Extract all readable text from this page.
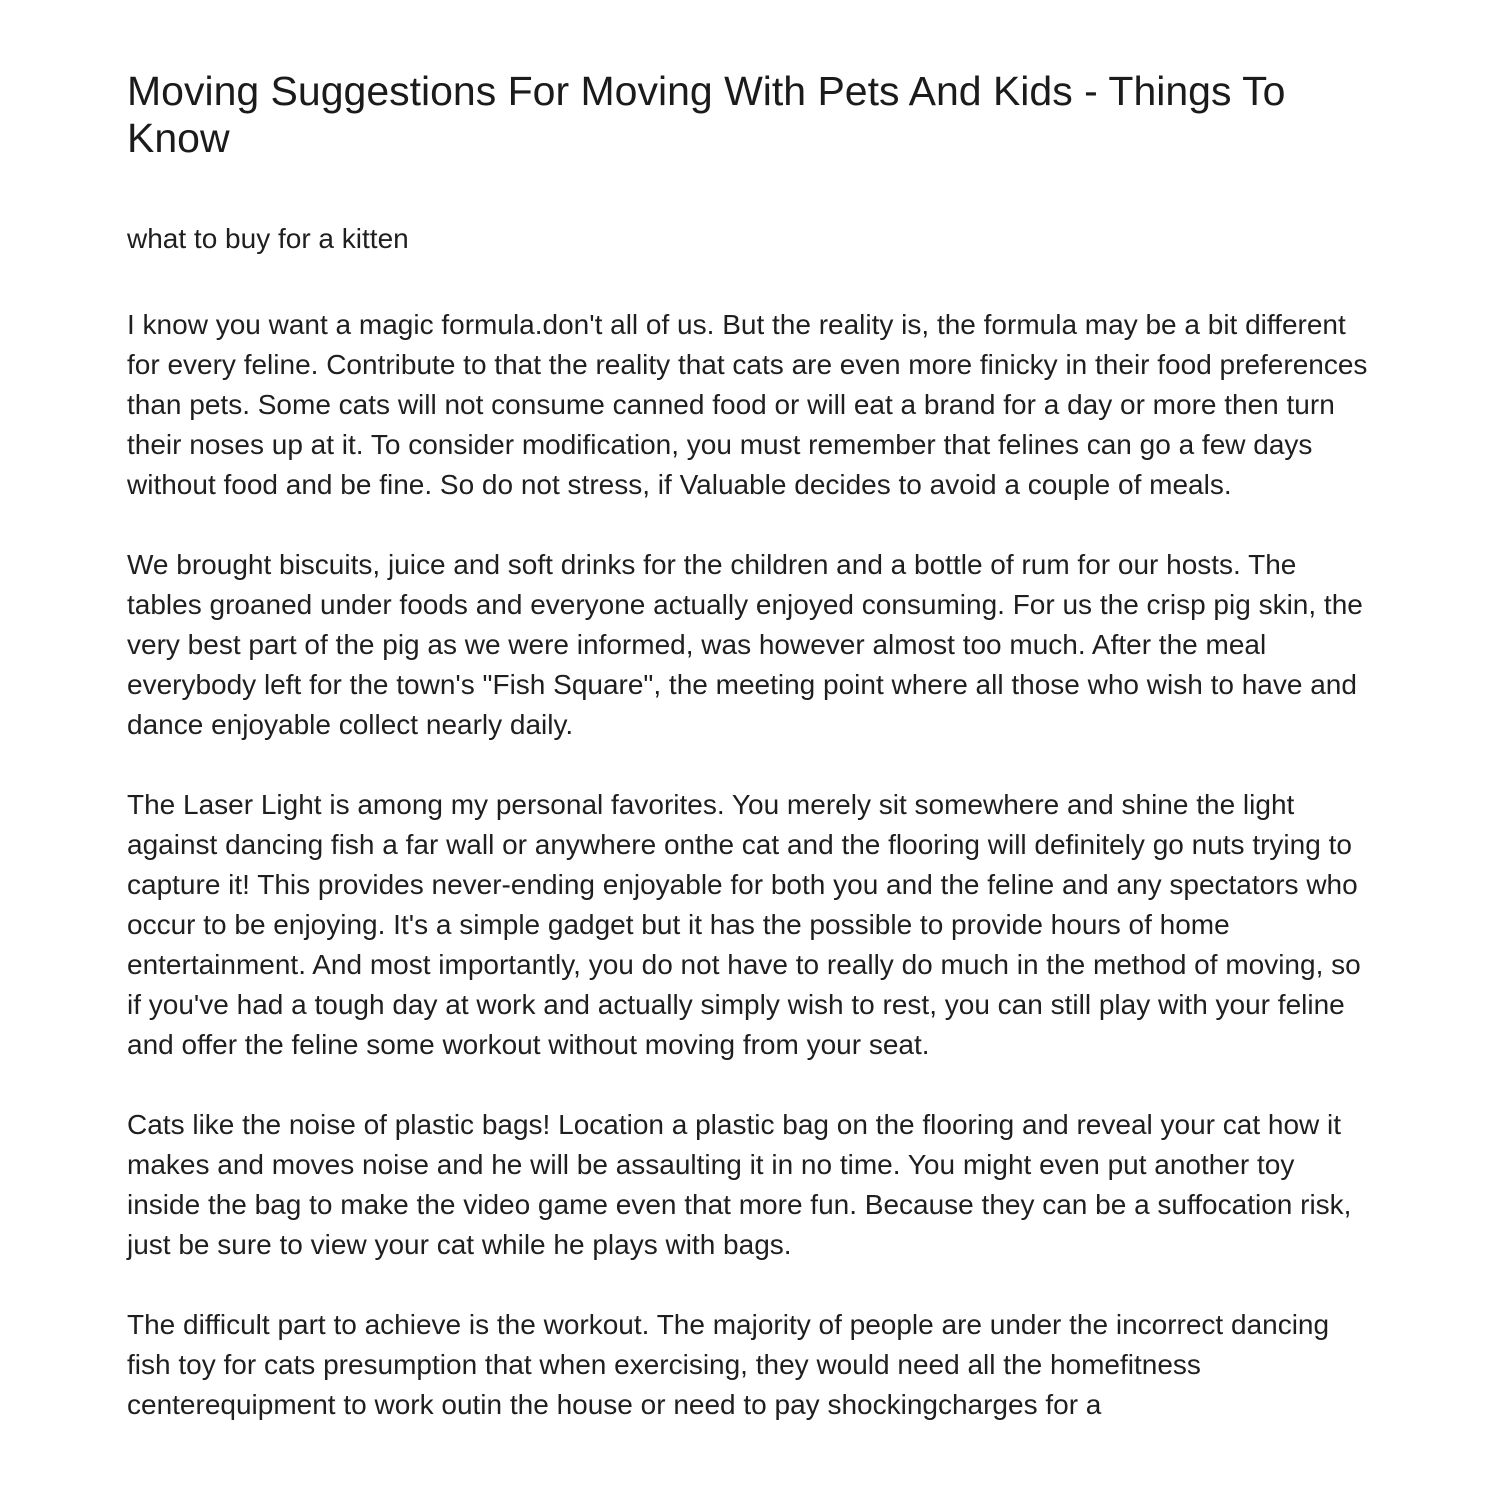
Moving Suggestions For Moving With Pets And Kids - Things To Know

what to buy for a kitten

I know you want a magic formula.don't all of us. But the reality is, the formula may be a bit different for every feline. Contribute to that the reality that cats are even more finicky in their food preferences than pets. Some cats will not consume canned food or will eat a brand for a day or more then turn their noses up at it. To consider modification, you must remember that felines can go a few days without food and be fine. So do not stress, if Valuable decides to avoid a couple of meals.

We brought biscuits, juice and soft drinks for the children and a bottle of rum for our hosts. The tables groaned under foods and everyone actually enjoyed consuming. For us the crisp pig skin, the very best part of the pig as we were informed, was however almost too much. After the meal everybody left for the town's "Fish Square", the meeting point where all those who wish to have and dance enjoyable collect nearly daily.

The Laser Light is among my personal favorites. You merely sit somewhere and shine the light against dancing fish a far wall or anywhere onthe cat and the flooring will definitely go nuts trying to capture it! This provides never-ending enjoyable for both you and the feline and any spectators who occur to be enjoying. It's a simple gadget but it has the possible to provide hours of home entertainment. And most importantly, you do not have to really do much in the method of moving, so if you've had a tough day at work and actually simply wish to rest, you can still play with your feline and offer the feline some workout without moving from your seat.

Cats like the noise of plastic bags! Location a plastic bag on the flooring and reveal your cat how it makes and moves noise and he will be assaulting it in no time. You might even put another toy inside the bag to make the video game even that more fun. Because they can be a suffocation risk, just be sure to view your cat while he plays with bags.

The difficult part to achieve is the workout. The majority of people are under the incorrect dancing fish toy for cats presumption that when exercising, they would need all the homefitness centerequipment to work outin the house or need to pay shockingcharges for a
